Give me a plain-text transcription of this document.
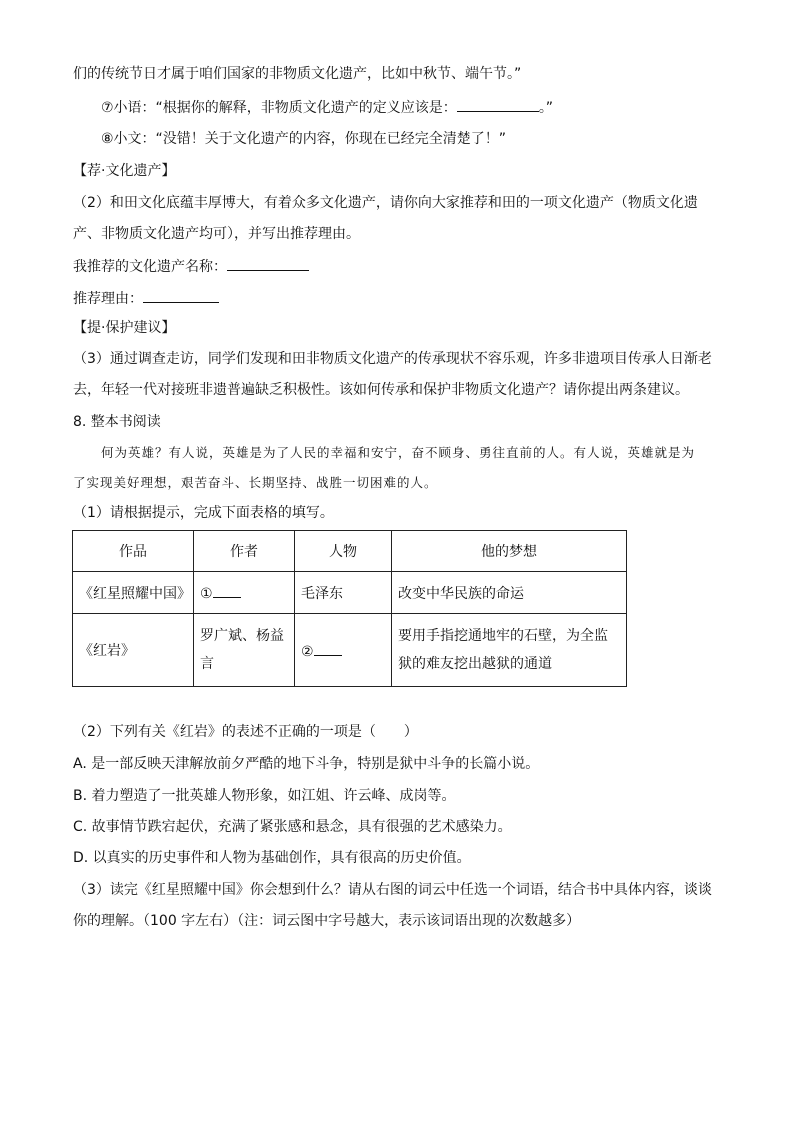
们的传统节日才属于咱们国家的非物质文化遗产，比如中秋节、端午节。”
⑦小语：“根据你的解释，非物质文化遗产的定义应该是：	。”
⑧小文：“没错！关于文化遗产的内容，你现在已经完全清楚了！”
【荐·文化遗产】
（2）和田文化底蕴丰厚博大，有着众多文化遗产，请你向大家推荐和田的一项文化遗产（物质文化遗
产、非物质文化遗产均可），并写出推荐理由。
我推荐的文化遗产名称：
推荐理由：
【提·保护建议】
（3）通过调查走访，同学们发现和田非物质文化遗产的传承现状不容乐观，许多非遗项目传承人日渐老
去，年轻一代对接班非遗普遍缺乏积极性。该如何传承和保护非物质文化遗产？请你提出两条建议。
8. 整本书阅读
何为英雄？有人说，英雄是为了人民的幸福和安宁，奋不顾身、勇往直前的人。有人说，英雄就是为
了实现美好理想，艰苦奋斗、长期坚持、战胜一切困难的人。
（1）请根据提示，完成下面表格的填写。
作品	作者	人物	他的梦想
《红星照耀中国》	①	毛泽东	改变中华民族的命运
《红岩》	罗广斌、杨益言	②	要用手指挖通地牢的石壁，为全监狱的难友挖出越狱的通道
（2）下列有关《红岩》的表述不正确的一项是（　　）
A. 是一部反映天津解放前夕严酷的地下斗争，特别是狱中斗争的长篇小说。
B. 着力塑造了一批英雄人物形象，如江姐、许云峰、成岗等。
C. 故事情节跌宕起伏，充满了紧张感和悬念，具有很强的艺术感染力。
D. 以真实的历史事件和人物为基础创作，具有很高的历史价值。
（3）读完《红星照耀中国》你会想到什么？请从右图的词云中任选一个词语，结合书中具体内容，谈谈
你的理解。（100 字左右）（注：词云图中字号越大，表示该词语出现的次数越多）
